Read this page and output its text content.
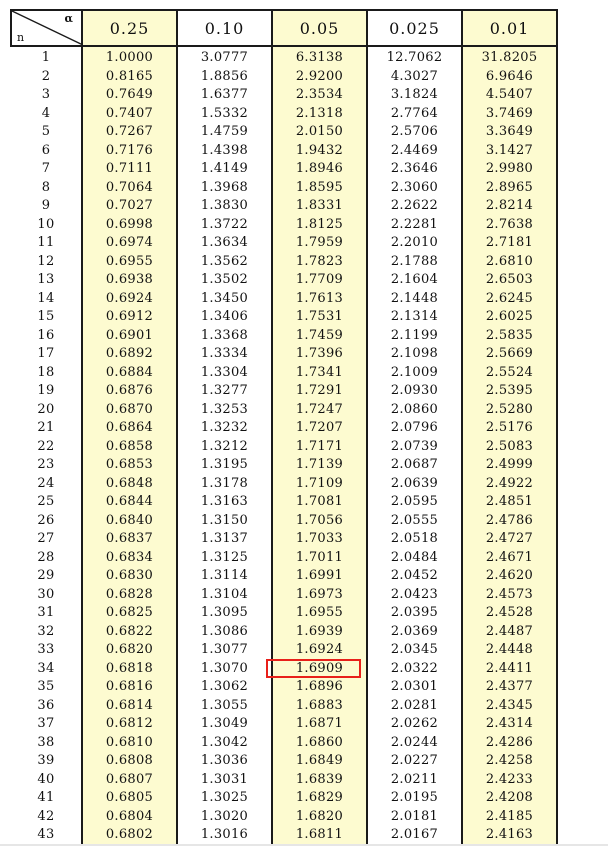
α
n	0.25	0.10	0.05	0.025	0.01
1	1.0000	3.0777	6.3138	12.7062	31.8205
2	0.8165	1.8856	2.9200	4.3027	6.9646
3	0.7649	1.6377	2.3534	3.1824	4.5407
4	0.7407	1.5332	2.1318	2.7764	3.7469
5	0.7267	1.4759	2.0150	2.5706	3.3649
6	0.7176	1.4398	1.9432	2.4469	3.1427
7	0.7111	1.4149	1.8946	2.3646	2.9980
8	0.7064	1.3968	1.8595	2.3060	2.8965
9	0.7027	1.3830	1.8331	2.2622	2.8214
10	0.6998	1.3722	1.8125	2.2281	2.7638
11	0.6974	1.3634	1.7959	2.2010	2.7181
12	0.6955	1.3562	1.7823	2.1788	2.6810
13	0.6938	1.3502	1.7709	2.1604	2.6503
14	0.6924	1.3450	1.7613	2.1448	2.6245
15	0.6912	1.3406	1.7531	2.1314	2.6025
16	0.6901	1.3368	1.7459	2.1199	2.5835
17	0.6892	1.3334	1.7396	2.1098	2.5669
18	0.6884	1.3304	1.7341	2.1009	2.5524
19	0.6876	1.3277	1.7291	2.0930	2.5395
20	0.6870	1.3253	1.7247	2.0860	2.5280
21	0.6864	1.3232	1.7207	2.0796	2.5176
22	0.6858	1.3212	1.7171	2.0739	2.5083
23	0.6853	1.3195	1.7139	2.0687	2.4999
24	0.6848	1.3178	1.7109	2.0639	2.4922
25	0.6844	1.3163	1.7081	2.0595	2.4851
26	0.6840	1.3150	1.7056	2.0555	2.4786
27	0.6837	1.3137	1.7033	2.0518	2.4727
28	0.6834	1.3125	1.7011	2.0484	2.4671
29	0.6830	1.3114	1.6991	2.0452	2.4620
30	0.6828	1.3104	1.6973	2.0423	2.4573
31	0.6825	1.3095	1.6955	2.0395	2.4528
32	0.6822	1.3086	1.6939	2.0369	2.4487
33	0.6820	1.3077	1.6924	2.0345	2.4448
34	0.6818	1.3070	1.6909	2.0322	2.4411
35	0.6816	1.3062	1.6896	2.0301	2.4377
36	0.6814	1.3055	1.6883	2.0281	2.4345
37	0.6812	1.3049	1.6871	2.0262	2.4314
38	0.6810	1.3042	1.6860	2.0244	2.4286
39	0.6808	1.3036	1.6849	2.0227	2.4258
40	0.6807	1.3031	1.6839	2.0211	2.4233
41	0.6805	1.3025	1.6829	2.0195	2.4208
42	0.6804	1.3020	1.6820	2.0181	2.4185
43	0.6802	1.3016	1.6811	2.0167	2.4163
